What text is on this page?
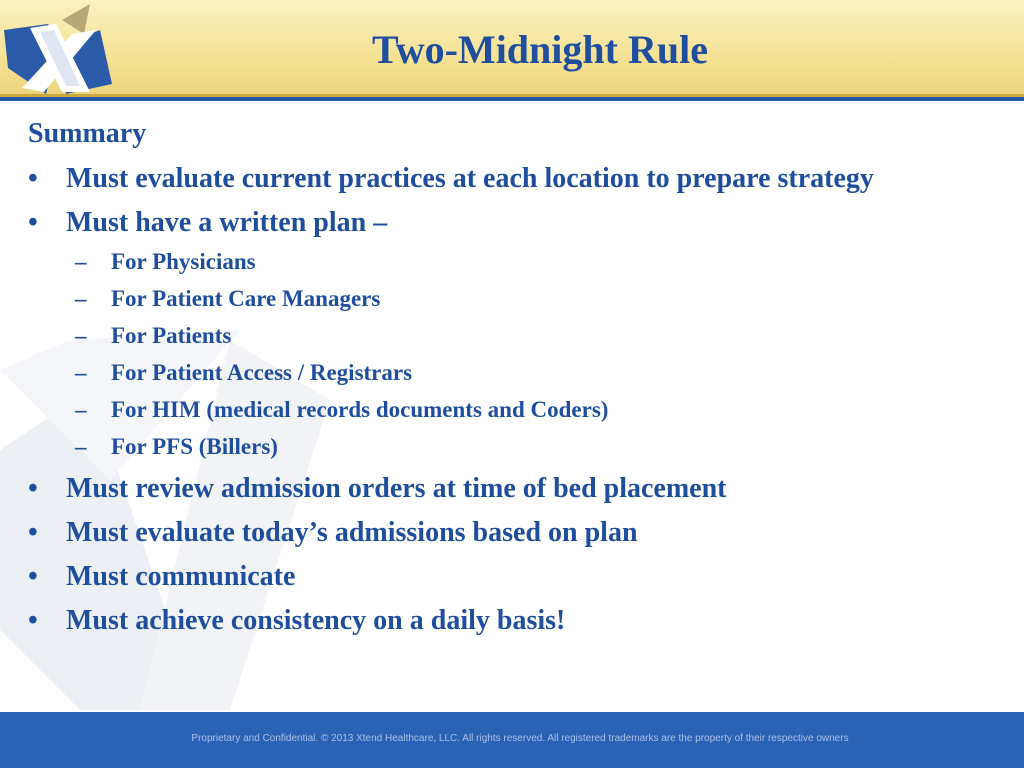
Two-Midnight Rule

Summary

•	Must evaluate current practices at each location to prepare strategy
•	Must have a written plan –
–	For Physicians
–	For Patient Care Managers
–	For Patients
–	For Patient Access / Registrars
–	For HIM (medical records documents and Coders)
–	For PFS (Billers)
•	Must review admission orders at time of bed placement
•	Must evaluate today’s admissions based on plan
•	Must communicate
•	Must achieve consistency on a daily basis!
Proprietary and Confidential. © 2013 Xtend Healthcare, LLC. All rights reserved. All registered trademarks are the property of their respective owners
